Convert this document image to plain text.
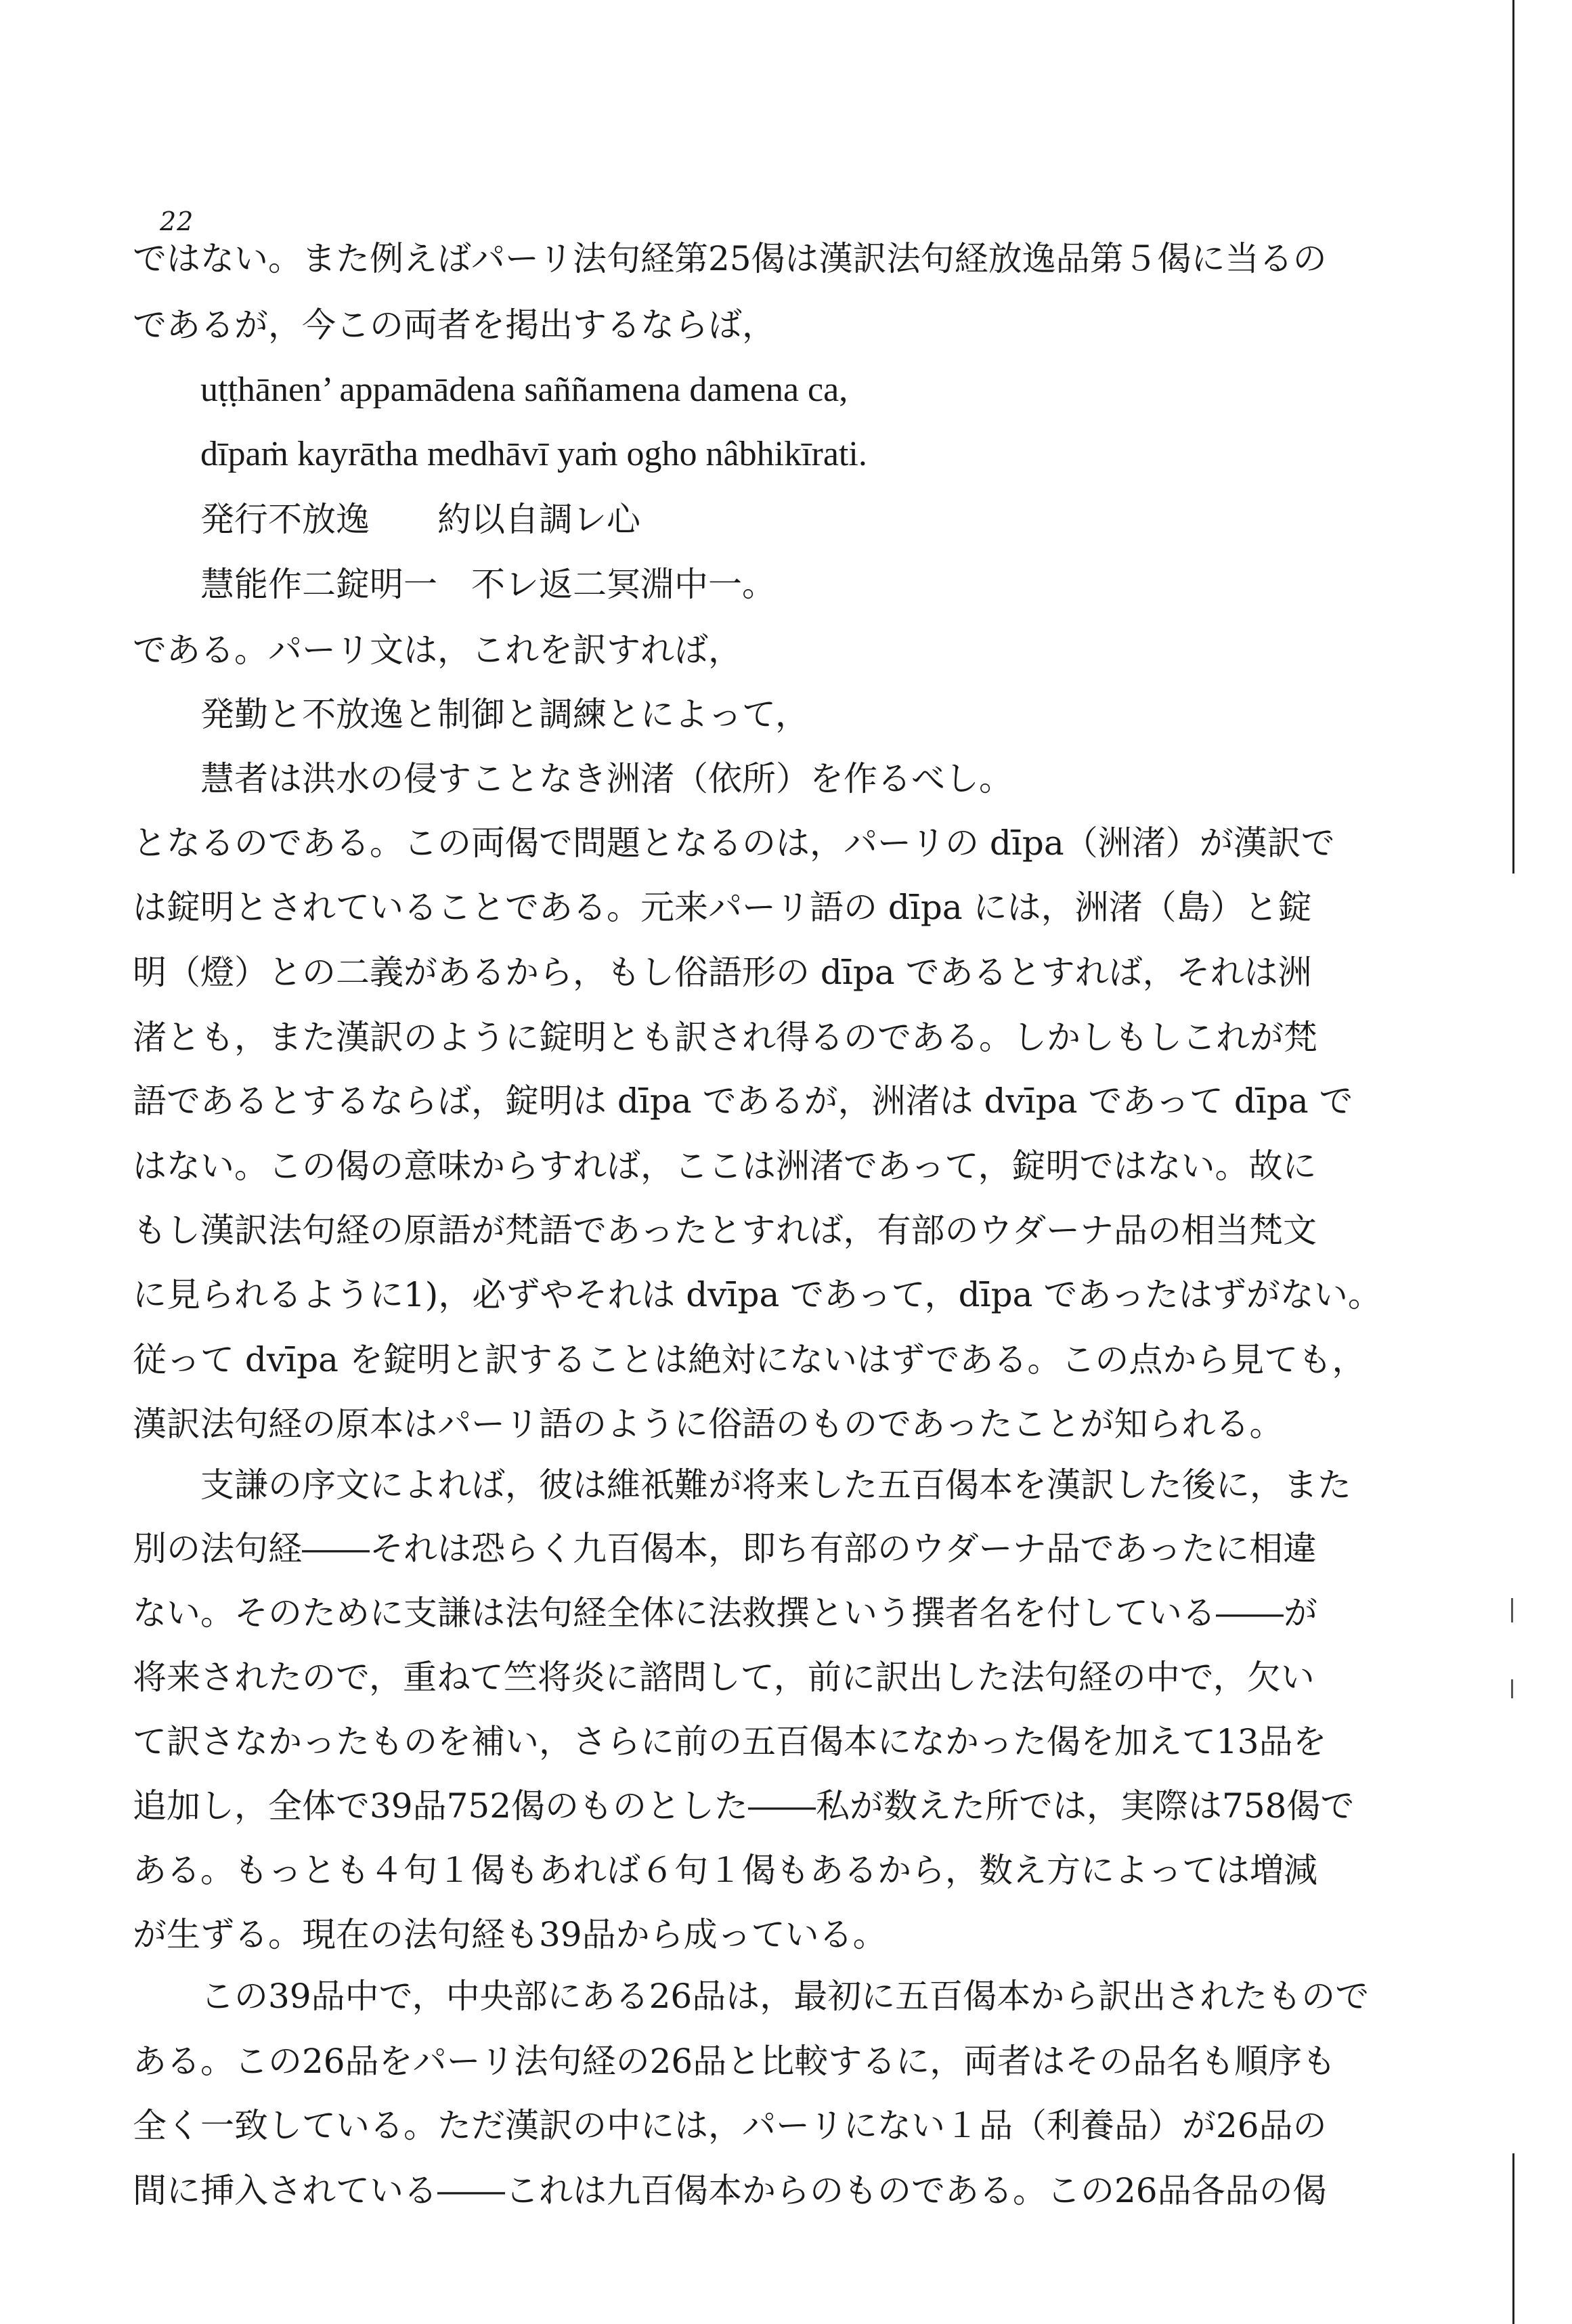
22
ではない。また例えばパーリ法句経第25偈は漢訳法句経放逸品第５偈に当るの
であるが，今この両者を掲出するならば，
uṭṭhānen’ appamādena saññamena damena ca,
dīpaṁ kayrātha medhāvī yaṁ ogho nâbhikīrati.
発行不放逸　　約以自調レ心
慧能作二錠明一　不レ返二冥淵中一。
である。パーリ文は，これを訳すれば，
発勤と不放逸と制御と調練とによって，
慧者は洪水の侵すことなき洲渚（依所）を作るべし。
となるのである。この両偈で問題となるのは，パーリの dīpa（洲渚）が漢訳で
は錠明とされていることである。元来パーリ語の dīpa には，洲渚（島）と錠
明（燈）との二義があるから，もし俗語形の dīpa であるとすれば，それは洲
渚とも，また漢訳のように錠明とも訳され得るのである。しかしもしこれが梵
語であるとするならば，錠明は dīpa であるが，洲渚は dvīpa であって dīpa で
はない。この偈の意味からすれば，ここは洲渚であって，錠明ではない。故に
もし漢訳法句経の原語が梵語であったとすれば，有部のウダーナ品の相当梵文
に見られるように1)，必ずやそれは dvīpa であって，dīpa であったはずがない。
従って dvīpa を錠明と訳することは絶対にないはずである。この点から見ても，
漢訳法句経の原本はパーリ語のように俗語のものであったことが知られる。
支謙の序文によれば，彼は維祇難が将来した五百偈本を漢訳した後に，また
別の法句経――それは恐らく九百偈本，即ち有部のウダーナ品であったに相違
ない。そのために支謙は法句経全体に法救撰という撰者名を付している――が
将来されたので，重ねて竺将炎に諮問して，前に訳出した法句経の中で，欠い
て訳さなかったものを補い，さらに前の五百偈本になかった偈を加えて13品を
追加し，全体で39品752偈のものとした――私が数えた所では，実際は758偈で
ある。もっとも４句１偈もあれば６句１偈もあるから，数え方によっては増減
が生ずる。現在の法句経も39品から成っている。
この39品中で，中央部にある26品は，最初に五百偈本から訳出されたもので
ある。この26品をパーリ法句経の26品と比較するに，両者はその品名も順序も
全く一致している。ただ漢訳の中には，パーリにない１品（利養品）が26品の
間に挿入されている――これは九百偈本からのものである。この26品各品の偈
